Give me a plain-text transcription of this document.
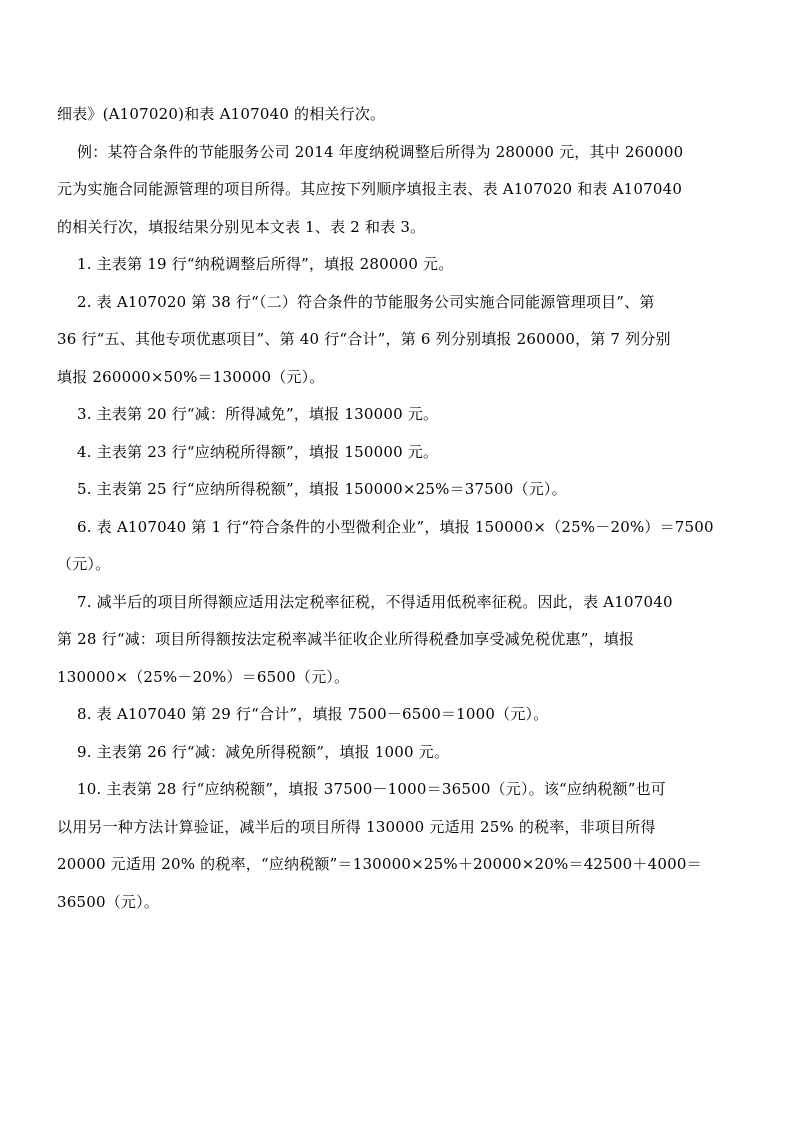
细表》(A107020)和表 A107040 的相关行次。
例：某符合条件的节能服务公司 2014 年度纳税调整后所得为 280000 元，其中 260000
元为实施合同能源管理的项目所得。其应按下列顺序填报主表、表 A107020 和表 A107040
的相关行次，填报结果分别见本文表 1、表 2 和表 3。
1. 主表第 19 行“纳税调整后所得”，填报 280000 元。
2. 表 A107020 第 38 行“（二）符合条件的节能服务公司实施合同能源管理项目”、第
36 行“五、其他专项优惠项目”、第 40 行“合计”，第 6 列分别填报 260000，第 7 列分别
填报 260000×50%＝130000（元）。
3. 主表第 20 行“减：所得减免”，填报 130000 元。
4. 主表第 23 行“应纳税所得额”，填报 150000 元。
5. 主表第 25 行“应纳所得税额”，填报 150000×25%＝37500（元）。
6. 表 A107040 第 1 行“符合条件的小型微利企业”，填报 150000×（25%－20%）＝7500
（元）。
7. 减半后的项目所得额应适用法定税率征税，不得适用低税率征税。因此，表 A107040
第 28 行“减：项目所得额按法定税率减半征收企业所得税叠加享受减免税优惠”，填报
130000×（25%－20%）＝6500（元）。
8. 表 A107040 第 29 行“合计”，填报 7500－6500＝1000（元）。
9. 主表第 26 行“减：减免所得税额”，填报 1000 元。
10. 主表第 28 行“应纳税额”，填报 37500－1000＝36500（元）。该“应纳税额”也可
以用另一种方法计算验证，减半后的项目所得 130000 元适用 25% 的税率，非项目所得
20000 元适用 20% 的税率，“应纳税额”＝130000×25%＋20000×20%＝42500＋4000＝
36500（元）。
